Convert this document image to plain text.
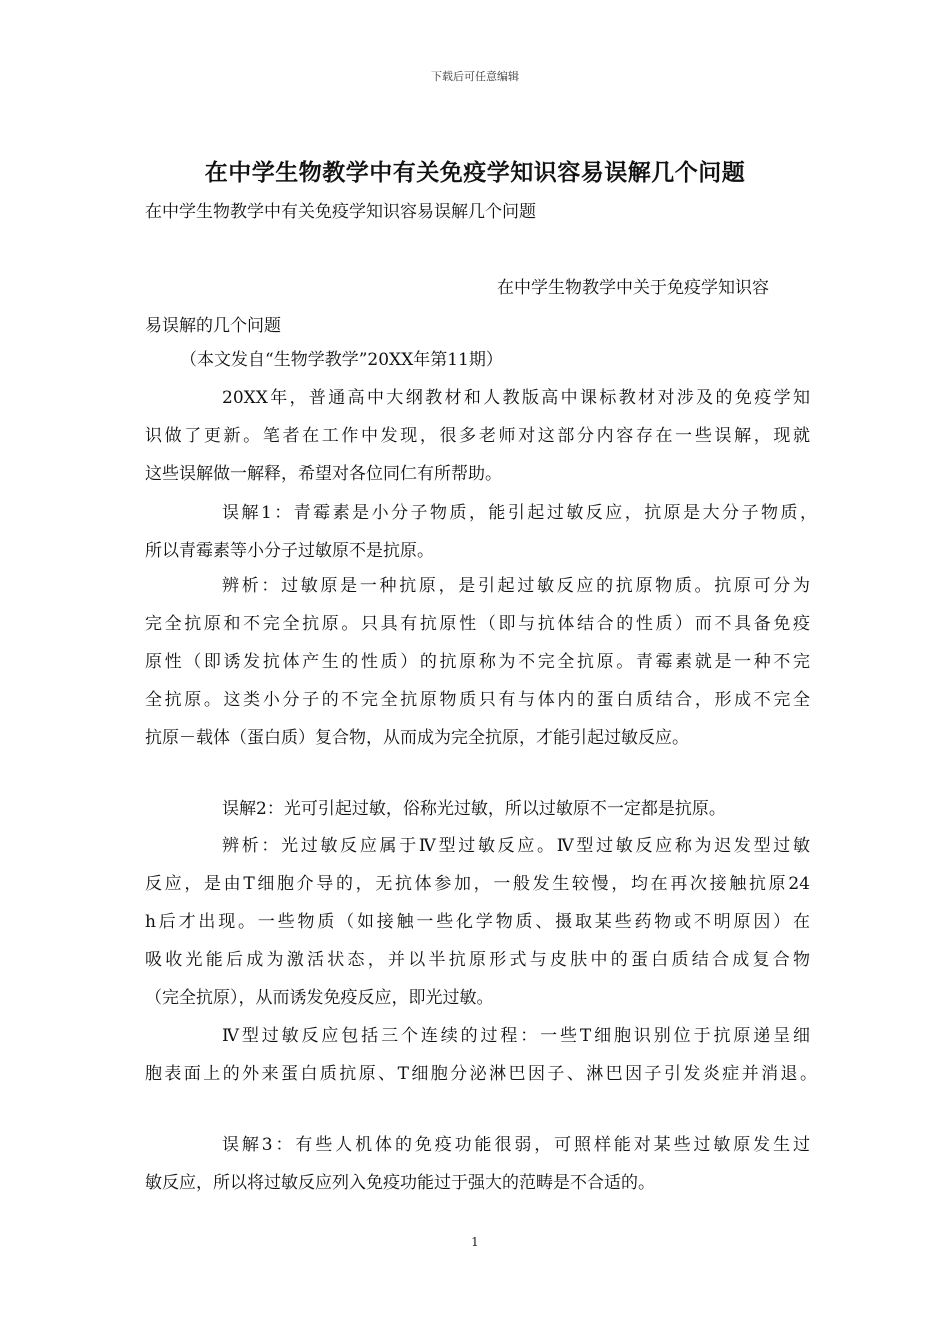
下载后可任意编辑
在中学生物教学中有关免疫学知识容易误解几个问题
在中学生物教学中有关免疫学知识容易误解几个问题
在中学生物教学中关于免疫学知识容
易误解的几个问题
（本文发自“生物学教学”20XX年第11期）
20XX年，普通高中大纲教材和人教版高中课标教材对涉及的免疫学知
识做了更新。笔者在工作中发现，很多老师对这部分内容存在一些误解，现就
这些误解做一解释，希望对各位同仁有所帮助。
误解1：青霉素是小分子物质，能引起过敏反应，抗原是大分子物质，
所以青霉素等小分子过敏原不是抗原。
辨析：过敏原是一种抗原，是引起过敏反应的抗原物质。抗原可分为
完全抗原和不完全抗原。只具有抗原性（即与抗体结合的性质）而不具备免疫
原性（即诱发抗体产生的性质）的抗原称为不完全抗原。青霉素就是一种不完
全抗原。这类小分子的不完全抗原物质只有与体内的蛋白质结合，形成不完全
抗原－载体（蛋白质）复合物，从而成为完全抗原，才能引起过敏反应。
误解2：光可引起过敏，俗称光过敏，所以过敏原不一定都是抗原。
辨析：光过敏反应属于Ⅳ型过敏反应。Ⅳ型过敏反应称为迟发型过敏
反应，是由T细胞介导的，无抗体参加，一般发生较慢，均在再次接触抗原24
h后才出现。一些物质（如接触一些化学物质、摄取某些药物或不明原因）在
吸收光能后成为激活状态，并以半抗原形式与皮肤中的蛋白质结合成复合物
（完全抗原），从而诱发免疫反应，即光过敏。
Ⅳ型过敏反应包括三个连续的过程：一些T细胞识别位于抗原递呈细
胞表面上的外来蛋白质抗原、T细胞分泌淋巴因子、淋巴因子引发炎症并消退。
误解3：有些人机体的免疫功能很弱，可照样能对某些过敏原发生过
敏反应，所以将过敏反应列入免疫功能过于强大的范畴是不合适的。
1
